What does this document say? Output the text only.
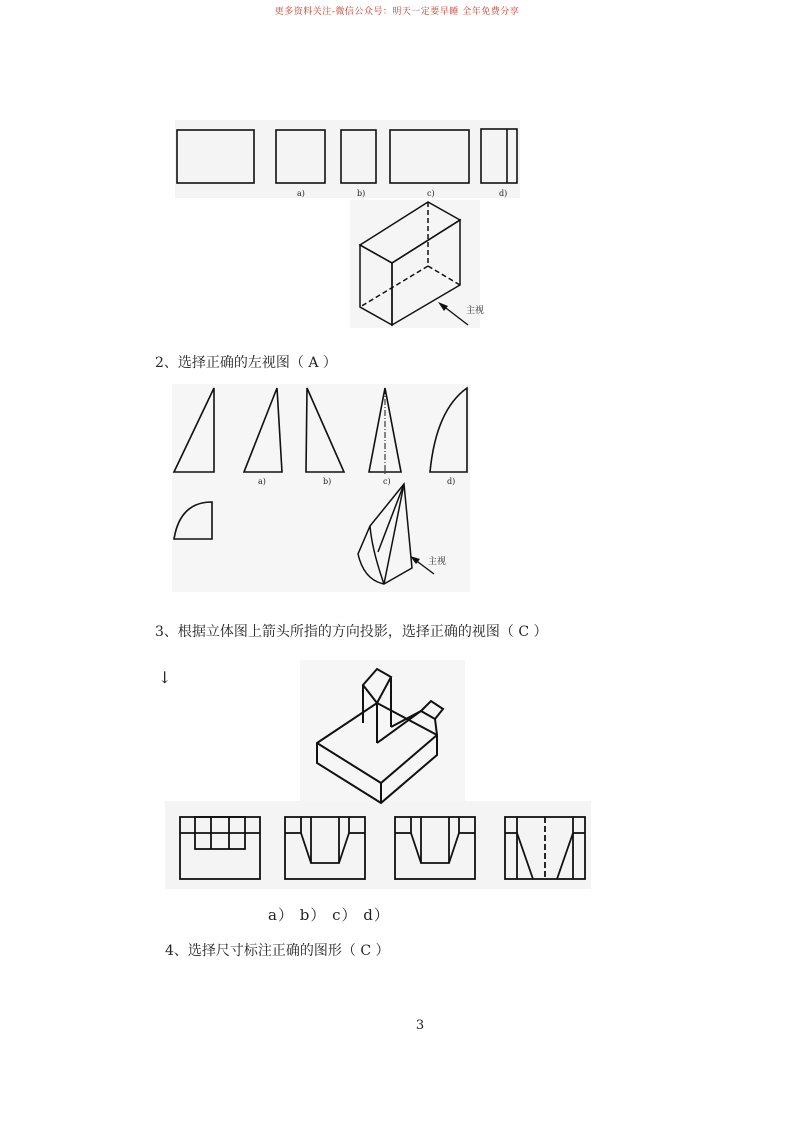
更多资料关注-微信公众号：明天一定要早睡 全年免费分享
a)	b)	c)	d)
主视
2、选择正确的左视图（ A ）
a)	b)	c)	d)
主视
3、根据立体图上箭头所指的方向投影，选择正确的视图（ C ）
↓
a） b） c） d）
4、选择尺寸标注正确的图形（ C ）
3
